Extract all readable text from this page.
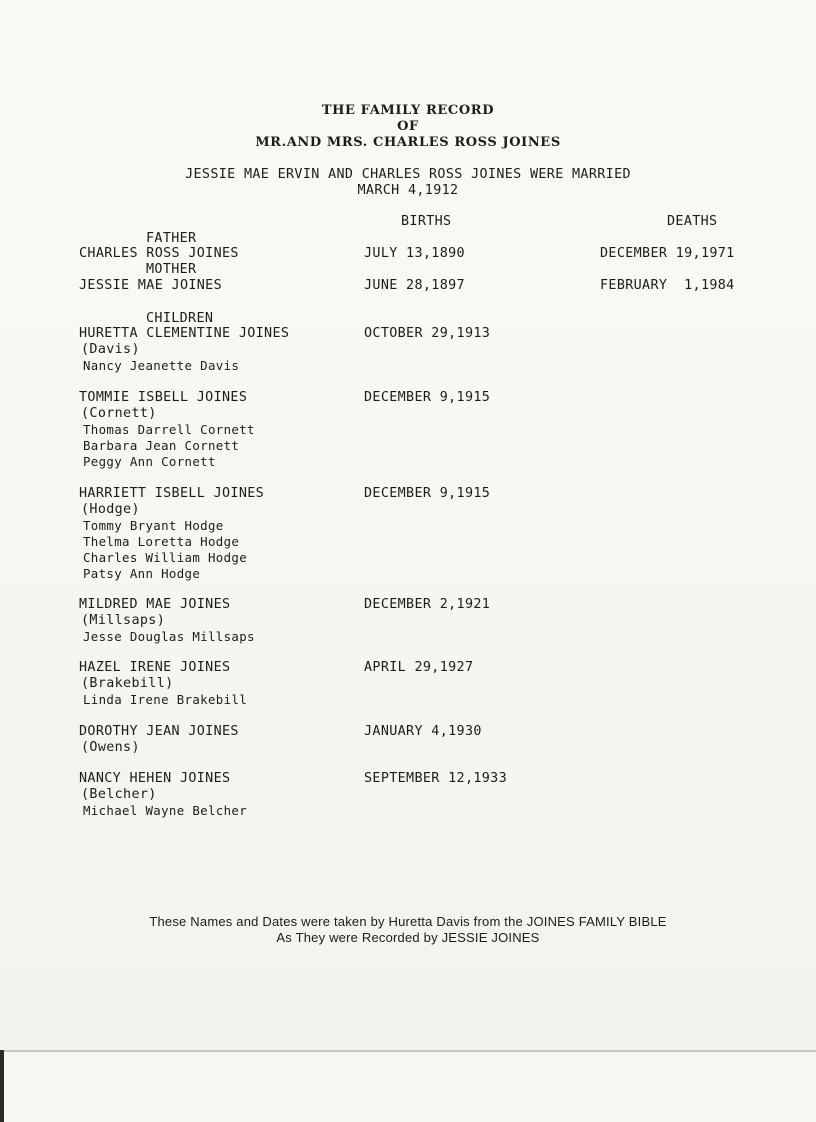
THE FAMILY RECORD
OF
MR.AND MRS. CHARLES ROSS JOINES
JESSIE MAE ERVIN AND CHARLES ROSS JOINES WERE MARRIED
MARCH 4,1912
BIRTHS	DEATHS
FATHER
CHARLES ROSS JOINES	JULY 13,1890	DECEMBER 19,1971
MOTHER
JESSIE MAE JOINES	JUNE 28,1897	FEBRUARY  1,1984
CHILDREN
HURETTA CLEMENTINE JOINES	OCTOBER 29,1913
(Davis)
Nancy Jeanette Davis
TOMMIE ISBELL JOINES	DECEMBER 9,1915
(Cornett)
Thomas Darrell Cornett
Barbara Jean Cornett
Peggy Ann Cornett
HARRIETT ISBELL JOINES	DECEMBER 9,1915
(Hodge)
Tommy Bryant Hodge
Thelma Loretta Hodge
Charles William Hodge
Patsy Ann Hodge
MILDRED MAE JOINES	DECEMBER 2,1921
(Millsaps)
Jesse Douglas Millsaps
HAZEL IRENE JOINES	APRIL 29,1927
(Brakebill)
Linda Irene Brakebill
DOROTHY JEAN JOINES	JANUARY 4,1930
(Owens)
NANCY HEHEN JOINES	SEPTEMBER 12,1933
(Belcher)
Michael Wayne Belcher
These Names and Dates were taken by Huretta Davis from the JOINES FAMILY BIBLE
As They were Recorded by JESSIE JOINES
